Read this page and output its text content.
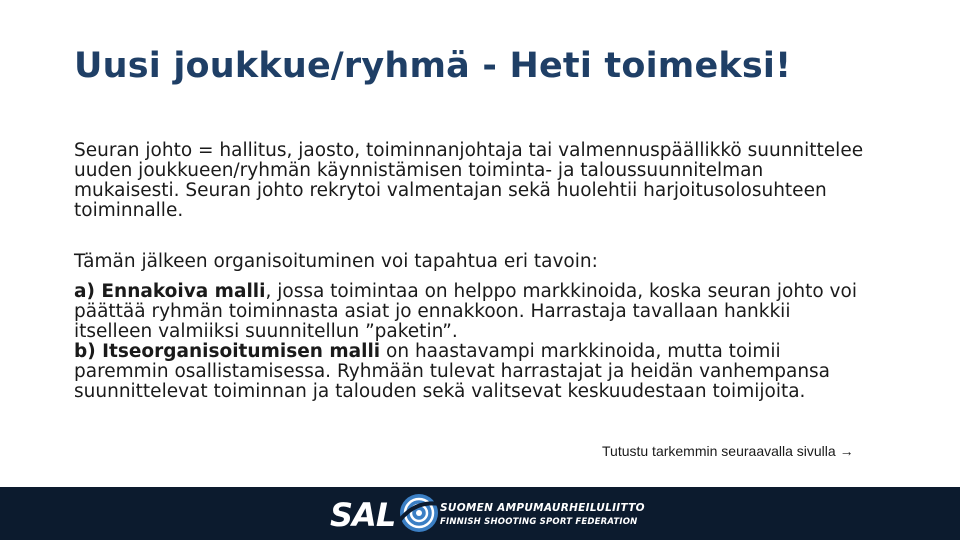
Uusi joukkue/ryhmä - Heti toimeksi!

Seuran johto = hallitus, jaosto, toiminnanjohtaja tai valmennuspäällikkö suunnittelee uuden joukkueen/ryhmän käynnistämisen toiminta- ja taloussuunnitelman mukaisesti. Seuran johto rekrytoi valmentajan sekä huolehtii harjoitusolosuhteen toiminnalle.

Tämän jälkeen organisoituminen voi tapahtua eri tavoin:

a) Ennakoiva malli, jossa toimintaa on helppo markkinoida, koska seuran johto voi päättää ryhmän toiminnasta asiat jo ennakkoon. Harrastaja tavallaan hankkii itselleen valmiiksi suunnitellun ”paketin”.

b) Itseorganisoitumisen malli on haastavampi markkinoida, mutta toimii paremmin osallistamisessa. Ryhmään tulevat harrastajat ja heidän vanhempansa suunnittelevat toiminnan ja talouden sekä valitsevat keskuudestaan toimijoita.

Tutustu tarkemmin seuraavalla sivulla →
SAL	SUOMEN AMPUMAURHEILULIITTO
FINNISH SHOOTING SPORT FEDERATION
